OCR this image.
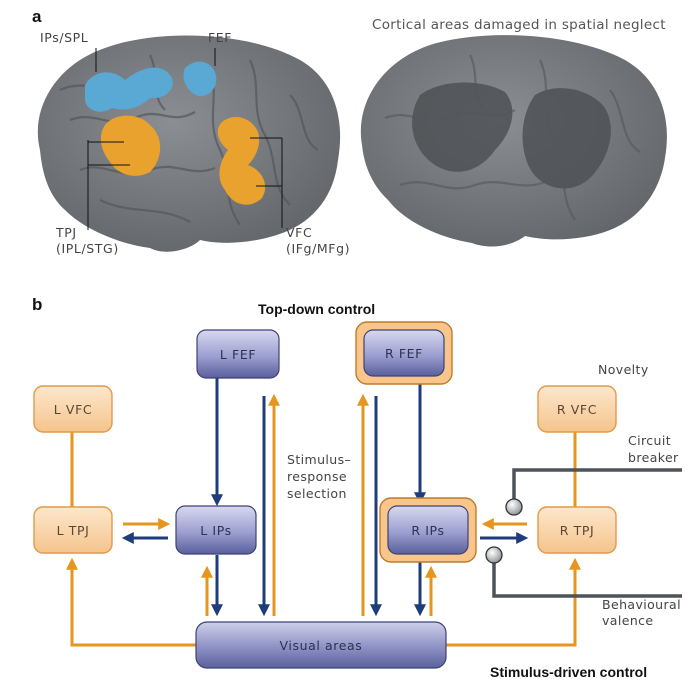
a
IPs/SPL	FEF
TPJ
(IPL/STG)
VFC
(IFg/MFg)
Cortical areas damaged in spatial neglect
b	Top-down control
Stimulus-driven control
L FEF	R FEF
L VFC	R VFC
L TPJ	R TPJ
L IPs	R IPs
Visual areas
Stimulus–
response
selection
Novelty
Circuit
breaker
Behavioural
valence
